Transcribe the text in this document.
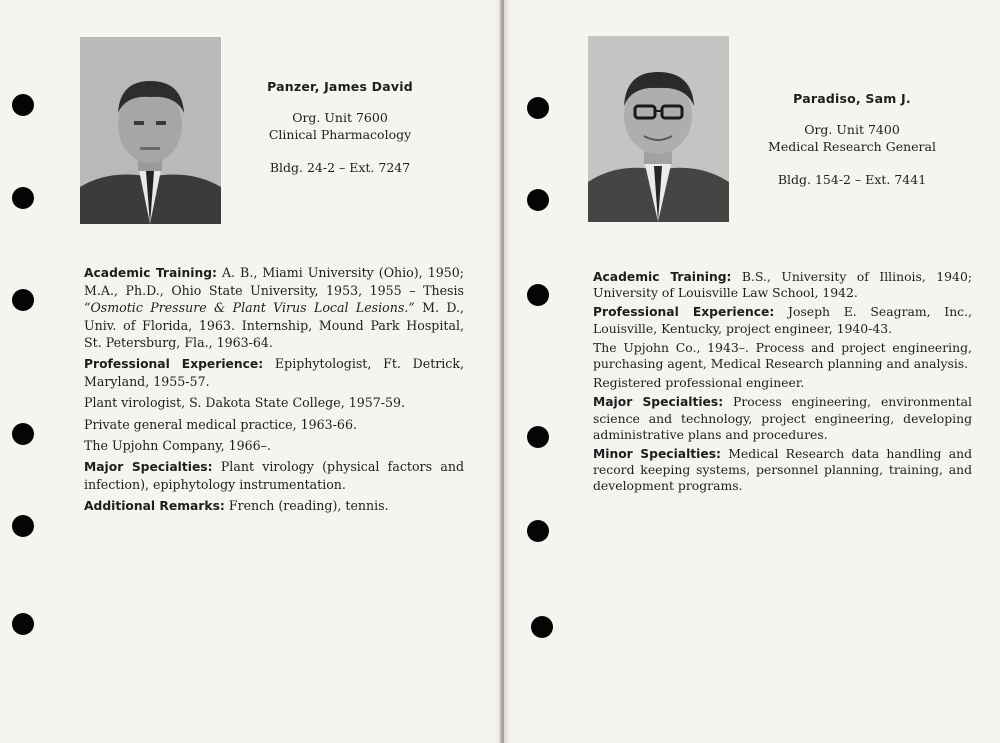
Panzer, James David
Org. Unit 7600
Clinical Pharmacology
Bldg. 24-2 – Ext. 7247

Academic Training: A. B., Miami University (Ohio), 1950; M.A., Ph.D., Ohio State University, 1953, 1955 – Thesis “Osmotic Pressure & Plant Virus Local Lesions.” M. D., Univ. of Florida, 1963. Internship, Mound Park Hospital, St. Petersburg, Fla., 1963-64.

Professional Experience: Epiphytologist, Ft. Detrick, Maryland, 1955-57.

Plant virologist, S. Dakota State College, 1957-59.

Private general medical practice, 1963-66.

The Upjohn Company, 1966–.

Major Specialties: Plant virology (physical factors and infection), epiphytology instrumentation.

Additional Remarks: French (reading), tennis.

Paradiso, Sam J.
Org. Unit 7400
Medical Research General
Bldg. 154-2 – Ext. 7441

Academic Training: B.S., University of Illinois, 1940; University of Louisville Law School, 1942.

Professional Experience: Joseph E. Seagram, Inc., Louisville, Kentucky, project engineer, 1940-43.

The Upjohn Co., 1943–. Process and project engineering, purchasing agent, Medical Research planning and analysis.

Registered professional engineer.

Major Specialties: Process engineering, environmental science and technology, project engineering, developing administrative plans and procedures.

Minor Specialties: Medical Research data handling and record keeping systems, personnel planning, training, and development programs.
